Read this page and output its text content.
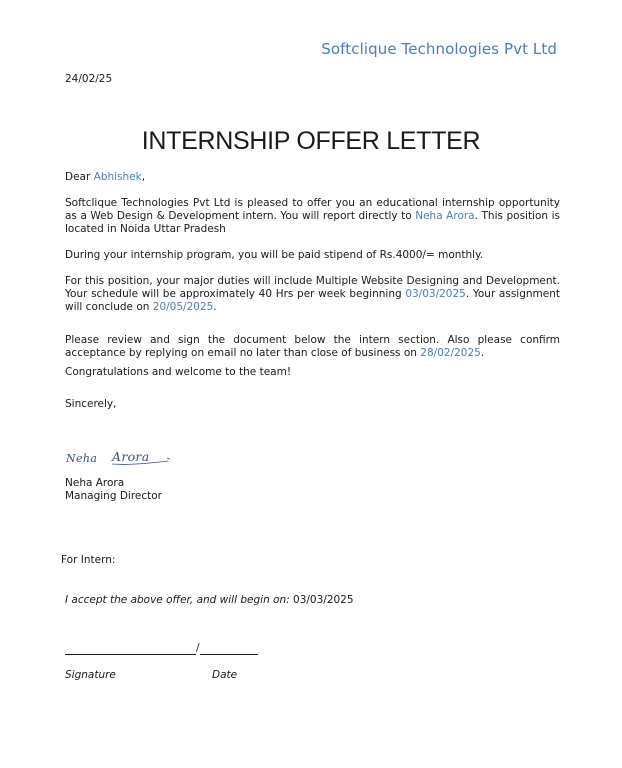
Softclique Technologies Pvt Ltd
24/02/25
INTERNSHIP OFFER LETTER
Dear Abhishek,
Softclique Technologies Pvt Ltd is pleased to offer you an educational internship opportunity as a Web Design & Development intern. You will report directly to Neha Arora. This position is located in Noida Uttar Pradesh
During your internship program, you will be paid stipend of Rs.4000/= monthly.
For this position, your major duties will include Multiple Website Designing and Development. Your schedule will be approximately 40 Hrs per week beginning 03/03/2025. Your assignment will conclude on 20/05/2025.
Please review and sign the document below the intern section. Also please confirm acceptance by replying on email no later than close of business on 28/02/2025.
Congratulations and welcome to the team!
Sincerely,
Neha Arora
Neha Arora
Managing Director
For Intern:
I accept the above offer, and will begin on: 03/03/2025
/
Signature	Date
